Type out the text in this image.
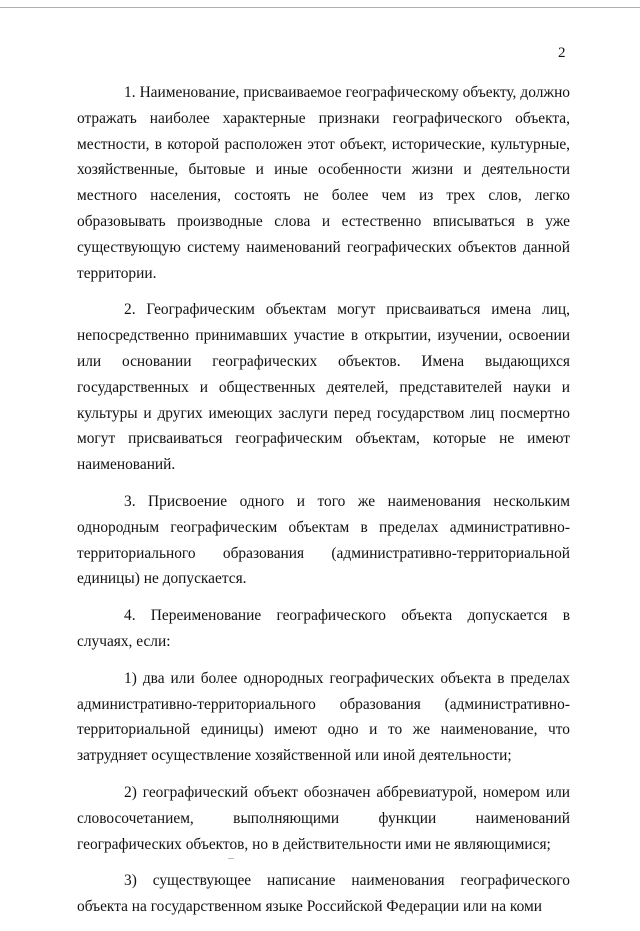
2

1. Наименование, присваиваемое географическому объекту, должно отражать наиболее характерные признаки географического объекта, местности, в которой расположен этот объект, исторические, культурные, хозяйственные, бытовые и иные особенности жизни и деятельности местного населения, состоять не более чем из трех слов, легко образовывать производные слова и естественно вписываться в уже существующую систему наименований географических объектов данной территории.

2. Географическим объектам могут присваиваться имена лиц, непосредственно принимавших участие в открытии, изучении, освоении или основании географических объектов. Имена выдающихся государственных и общественных деятелей, представителей науки и культуры и других имеющих заслуги перед государством лиц посмертно могут присваиваться географическим объектам, которые не имеют наименований.

3. Присвоение одного и того же наименования нескольким однородным географическим объектам в пределах административно-территориального образования (административно-территориальной единицы) не допускается.

4. Переименование географического объекта допускается в случаях, если:

1) два или более однородных географических объекта в пределах административно-территориального образования (административно-территориальной единицы) имеют одно и то же наименование, что затрудняет осуществление хозяйственной или иной деятельности;

2) географический объект обозначен аббревиатурой, номером или словосочетанием, выполняющими функции наименований географических объектов, но в действительности ими не являющимися;

3) существующее написание наименования географического объекта на государственном языке Российской Федерации или на коми
